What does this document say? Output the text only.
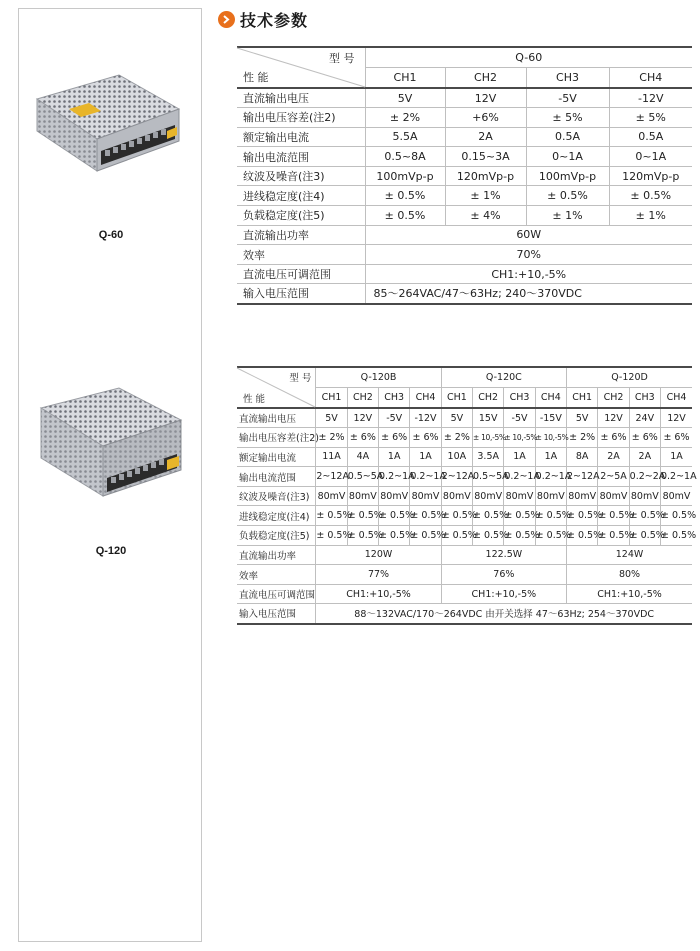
Q-60
Q-120
技术参数
型 号
性 能	Q-60			
	CH1	CH2	CH3	CH4
直流输出电压	5V	12V	-5V	-12V
输出电压容差(注2)	± 2%	+6%	± 5%	± 5%
额定输出电流	5.5A	2A	0.5A	0.5A
输出电流范围	0.5~8A	0.15~3A	0~1A	0~1A
纹波及噪音(注3)	100mVp-p	120mVp-p	100mVp-p	120mVp-p
进线稳定度(注4)	± 0.5%	± 1%	± 0.5%	± 0.5%
负载稳定度(注5)	± 0.5%	± 4%	± 1%	± 1%
直流输出功率	60W			
效率	70%			
直流电压可调范围	CH1:+10,-5%			
输入电压范围	85～264VAC/47～63Hz; 240～370VDC			
型 号
性 能	Q-120B				Q-120C				Q-120D			
	CH1	CH2	CH3	CH4	CH1	CH2	CH3	CH4	CH1	CH2	CH3	CH4
直流输出电压	5V	12V	-5V	-12V	5V	15V	-5V	-15V	5V	12V	24V	12V
输出电压容差(注2)	± 2%	± 6%	± 6%	± 6%	± 2%	± 10,-5%	± 10,-5%	± 10,-5%	± 2%	± 6%	± 6%	± 6%
额定输出电流	11A	4A	1A	1A	10A	3.5A	1A	1A	8A	2A	2A	1A
输出电流范围	2~12A	0.5~5A	0.2~1A	0.2~1A	2~12A	0.5~5A	0.2~1A	0.2~1A	2~12A	2~5A	0.2~2A	0.2~1A
纹波及噪音(注3)	80mV	80mV	80mV	80mV	80mV	80mV	80mV	80mV	80mV	80mV	80mV	80mV
进线稳定度(注4)	± 0.5%	± 0.5%	± 0.5%	± 0.5%	± 0.5%	± 0.5%	± 0.5%	± 0.5%	± 0.5%	± 0.5%	± 0.5%	± 0.5%
负载稳定度(注5)	± 0.5%	± 0.5%	± 0.5%	± 0.5%	± 0.5%	± 0.5%	± 0.5%	± 0.5%	± 0.5%	± 0.5%	± 0.5%	± 0.5%
直流输出功率	120W				122.5W				124W			
效率	77%				76%				80%			
直流电压可调范围	CH1:+10,-5%				CH1:+10,-5%				CH1:+10,-5%			
输入电压范围	88～132VAC/170～264VDC 由开关选择 47～63Hz; 254～370VDC											
